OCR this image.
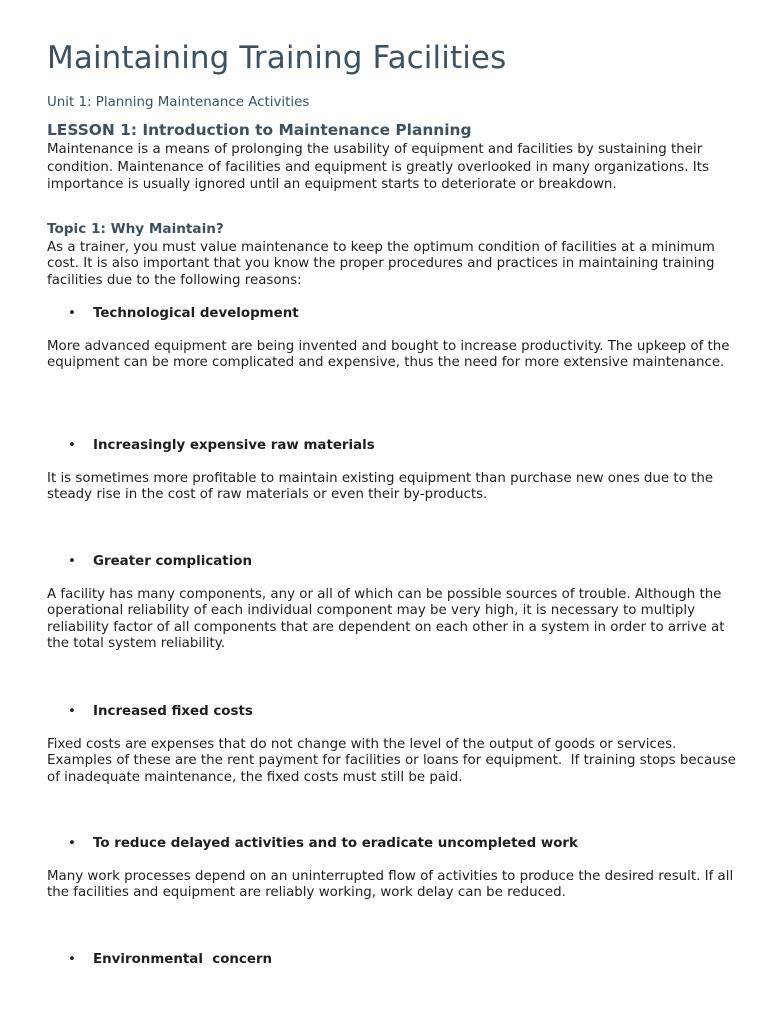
Maintaining Training Facilities
Unit 1: Planning Maintenance Activities
LESSON 1: Introduction to Maintenance Planning

Maintenance is a means of prolonging the usability of equipment and facilities by sustaining their condition. Maintenance of facilities and equipment is greatly overlooked in many organizations. Its importance is usually ignored until an equipment starts to deteriorate or breakdown.

Topic 1: Why Maintain?

As a trainer, you must value maintenance to keep the optimum condition of facilities at a minimum cost. It is also important that you know the proper procedures and practices in maintaining training facilities due to the following reasons:

• Technological development

More advanced equipment are being invented and bought to increase productivity. The upkeep of the equipment can be more complicated and expensive, thus the need for more extensive maintenance.

• Increasingly expensive raw materials

It is sometimes more profitable to maintain existing equipment than purchase new ones due to the steady rise in the cost of raw materials or even their by-products.

• Greater complication

A facility has many components, any or all of which can be possible sources of trouble. Although the operational reliability of each individual component may be very high, it is necessary to multiply reliability factor of all components that are dependent on each other in a system in order to arrive at the total system reliability.

• Increased fixed costs

Fixed costs are expenses that do not change with the level of the output of goods or services. Examples of these are the rent payment for facilities or loans for equipment.  If training stops because of inadequate maintenance, the fixed costs must still be paid.

• To reduce delayed activities and to eradicate uncompleted work

Many work processes depend on an uninterrupted flow of activities to produce the desired result. If all the facilities and equipment are reliably working, work delay can be reduced.

• Environmental  concern
